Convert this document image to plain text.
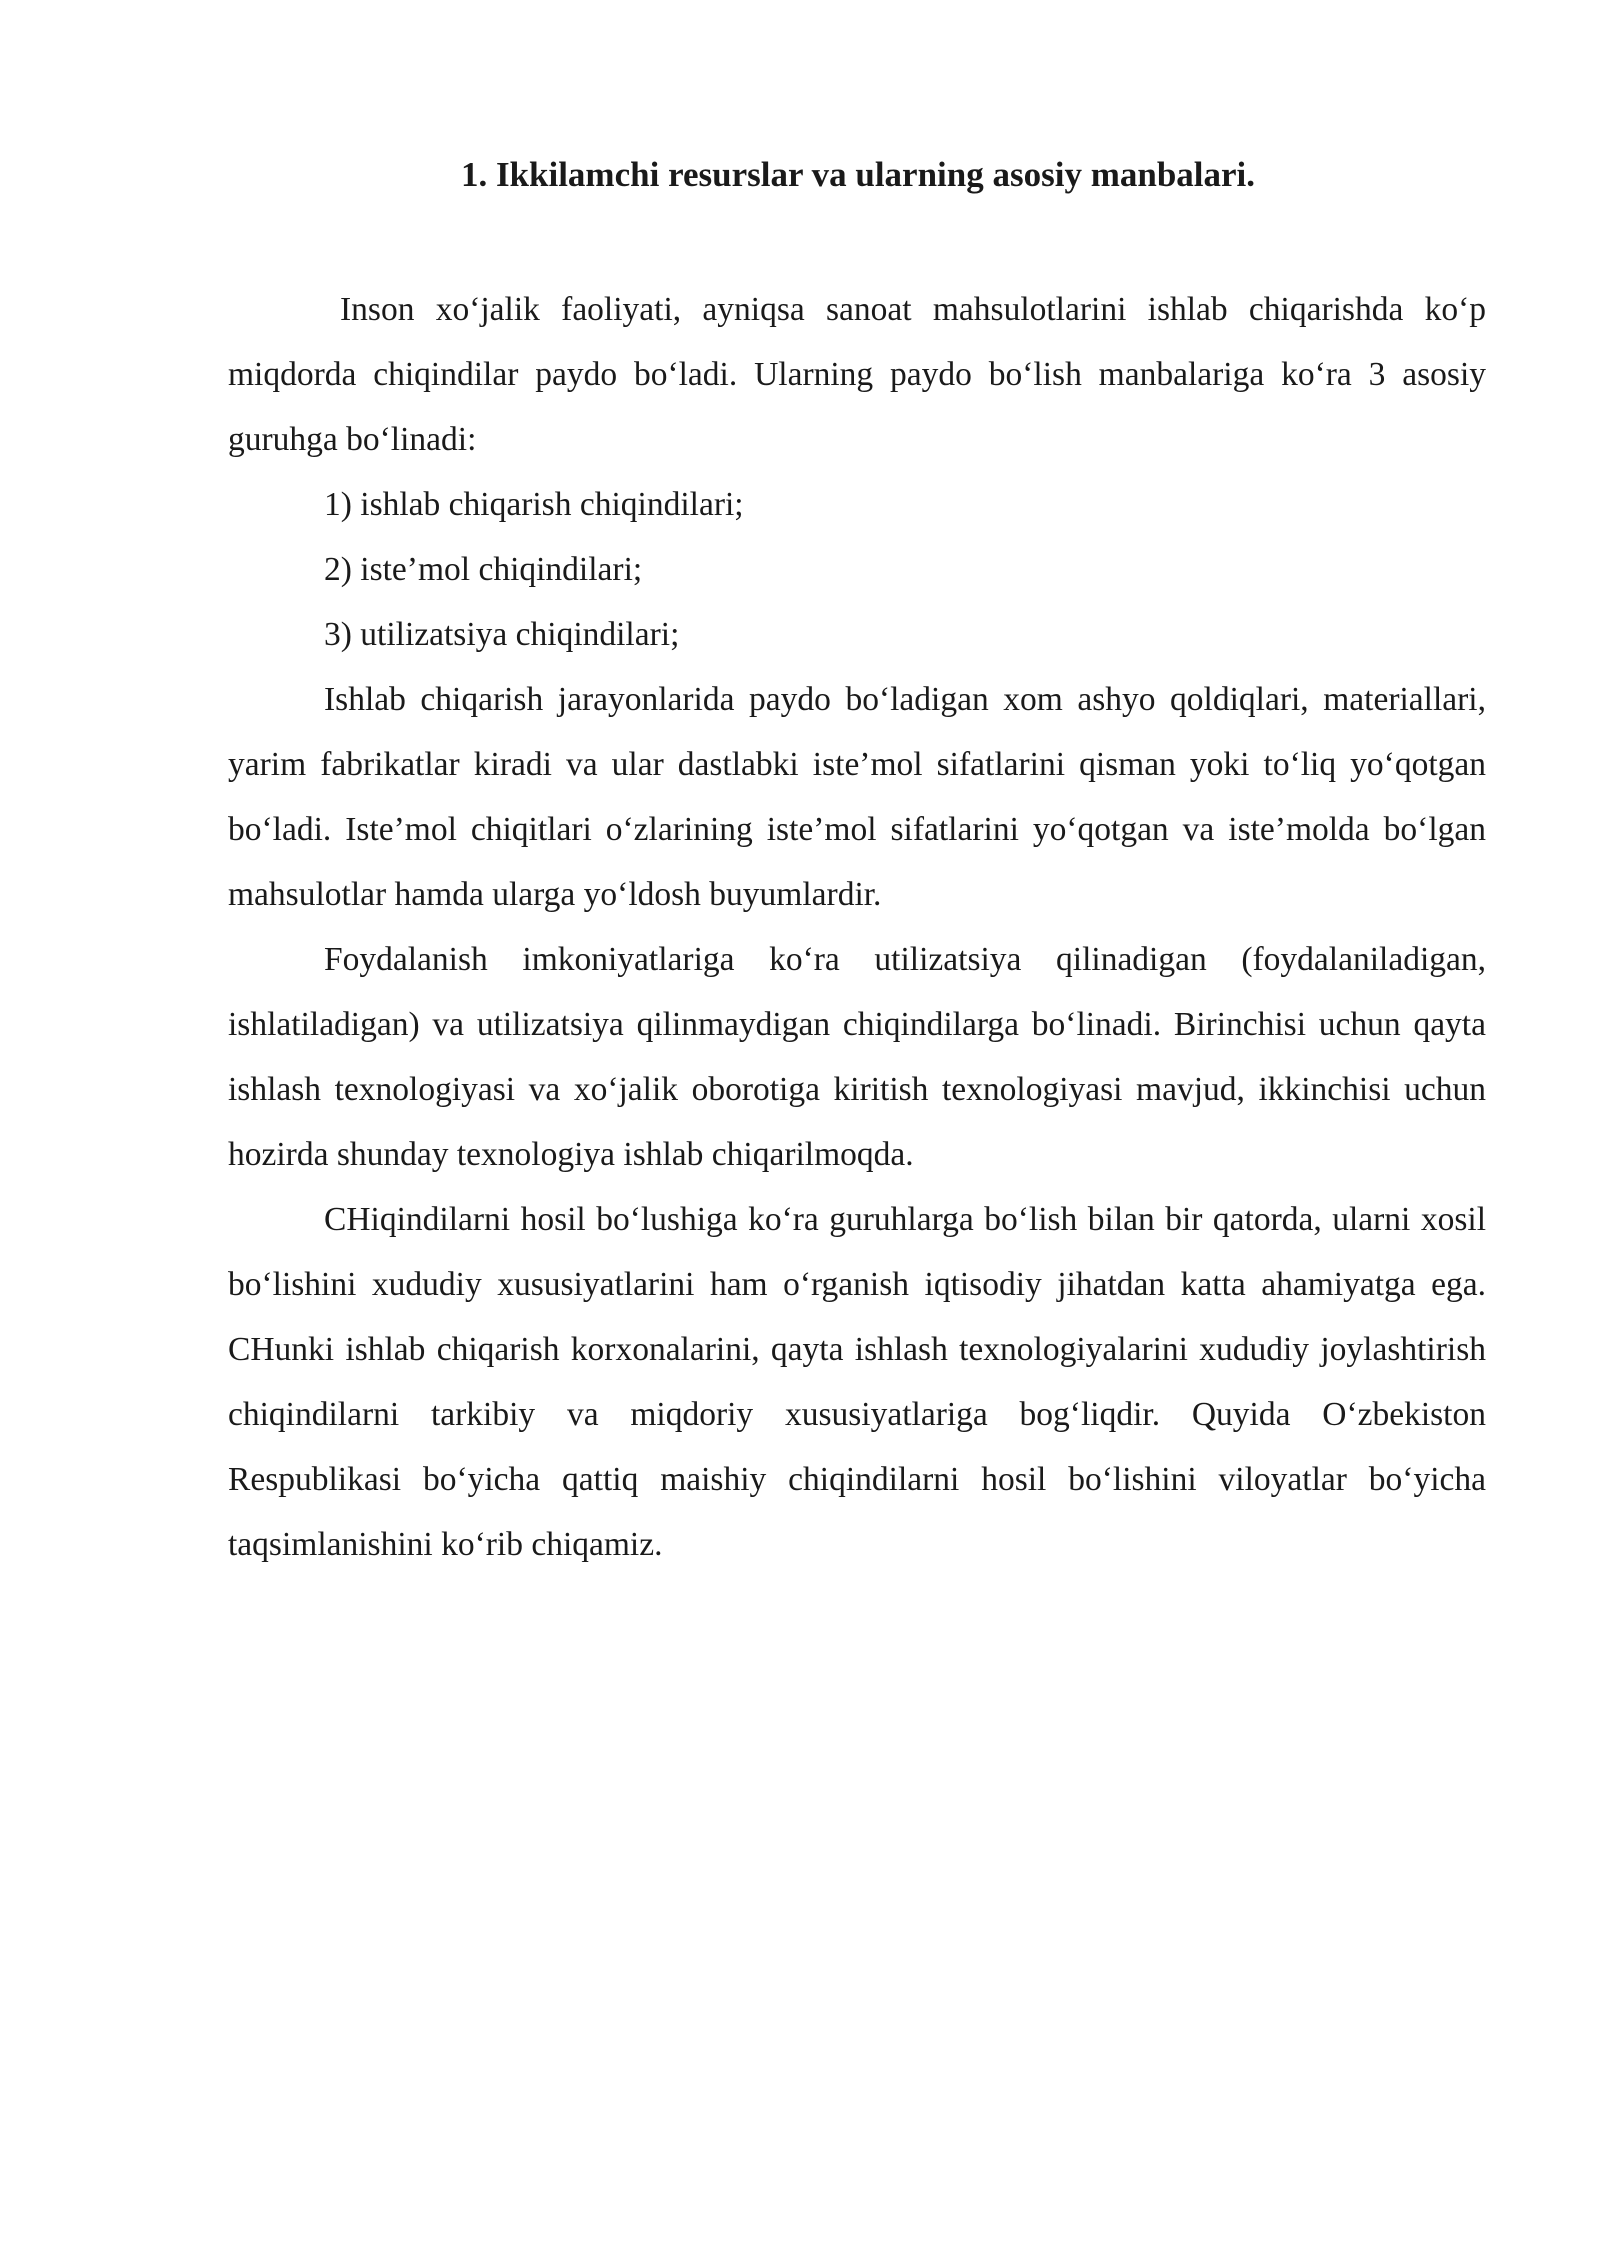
1. Ikkilamchi resurslar va ularning asosiy manbalari.

Inson xo‘jalik faoliyati, ayniqsa sanoat mahsulotlarini ishlab chiqarishda ko‘p miqdorda chiqindilar paydo bo‘ladi. Ularning paydo bo‘lish manbalariga ko‘ra 3 asosiy guruhga bo‘linadi:

1) ishlab chiqarish chiqindilari;

2) iste’mol chiqindilari;

3) utilizatsiya chiqindilari;

Ishlab chiqarish jarayonlarida paydo bo‘ladigan xom ashyo qoldiqlari, materiallari, yarim fabrikatlar kiradi va ular dastlabki iste’mol sifatlarini qisman yoki to‘liq yo‘qotgan bo‘ladi. Iste’mol chiqitlari o‘zlarining iste’mol sifatlarini yo‘qotgan va iste’molda bo‘lgan mahsulotlar hamda ularga yo‘ldosh buyumlardir.

Foydalanish imkoniyatlariga ko‘ra utilizatsiya qilinadigan (foydalaniladigan, ishlatiladigan) va utilizatsiya qilinmaydigan chiqindilarga bo‘linadi. Birinchisi uchun qayta ishlash texnologiyasi va xo‘jalik oborotiga kiritish texnologiyasi mavjud, ikkinchisi uchun hozirda shunday texnologiya ishlab chiqarilmoqda.

CHiqindilarni hosil bo‘lushiga ko‘ra guruhlarga bo‘lish bilan bir qatorda, ularni xosil bo‘lishini xududiy xususiyatlarini ham o‘rganish iqtisodiy jihatdan katta ahamiyatga ega. CHunki ishlab chiqarish korxonalarini, qayta ishlash texnologiyalarini xududiy joylashtirish chiqindilarni tarkibiy va miqdoriy xususiyatlariga bog‘liqdir. Quyida O‘zbekiston Respublikasi bo‘yicha qattiq maishiy chiqindilarni hosil bo‘lishini viloyatlar bo‘yicha taqsimlanishini ko‘rib chiqamiz.
